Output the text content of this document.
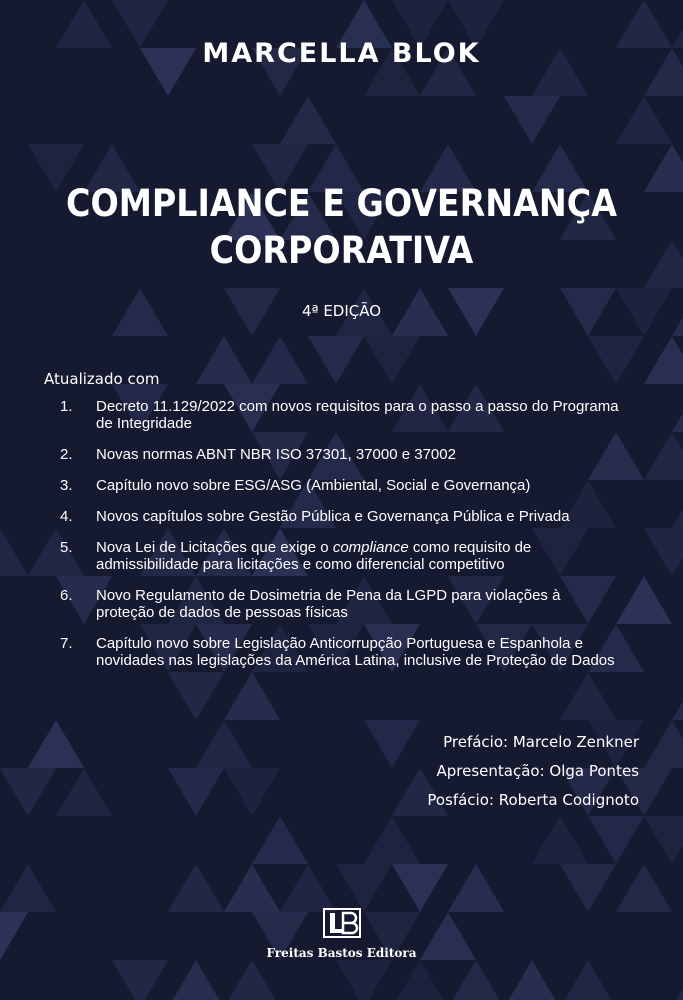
MARCELLA BLOK
COMPLIANCE E GOVERNANÇA
CORPORATIVA
4ª EDIÇÃO
Atualizado com
1.	Decreto 11.129/2022 com novos requisitos para o passo a passo do Programa de Integridade
2.	Novas normas ABNT NBR ISO 37301, 37000 e 37002
3.	Capítulo novo sobre ESG/ASG (Ambiental, Social e Governança)
4.	Novos capítulos sobre Gestão Pública e Governança Pública e Privada
5.	Nova Lei de Licitações que exige o compliance como requisito de admissibilidade para licitações e como diferencial competitivo
6.	Novo Regulamento de Dosimetria de Pena da LGPD para violações à proteção de dados de pessoas físicas
7.	Capítulo novo sobre Legislação Anticorrupção Portuguesa e Espanhola e novidades nas legislações da América Latina, inclusive de Proteção de Dados
Prefácio: Marcelo Zenkner
Apresentação: Olga Pontes
Posfácio: Roberta Codignoto
Freitas Bastos Editora
